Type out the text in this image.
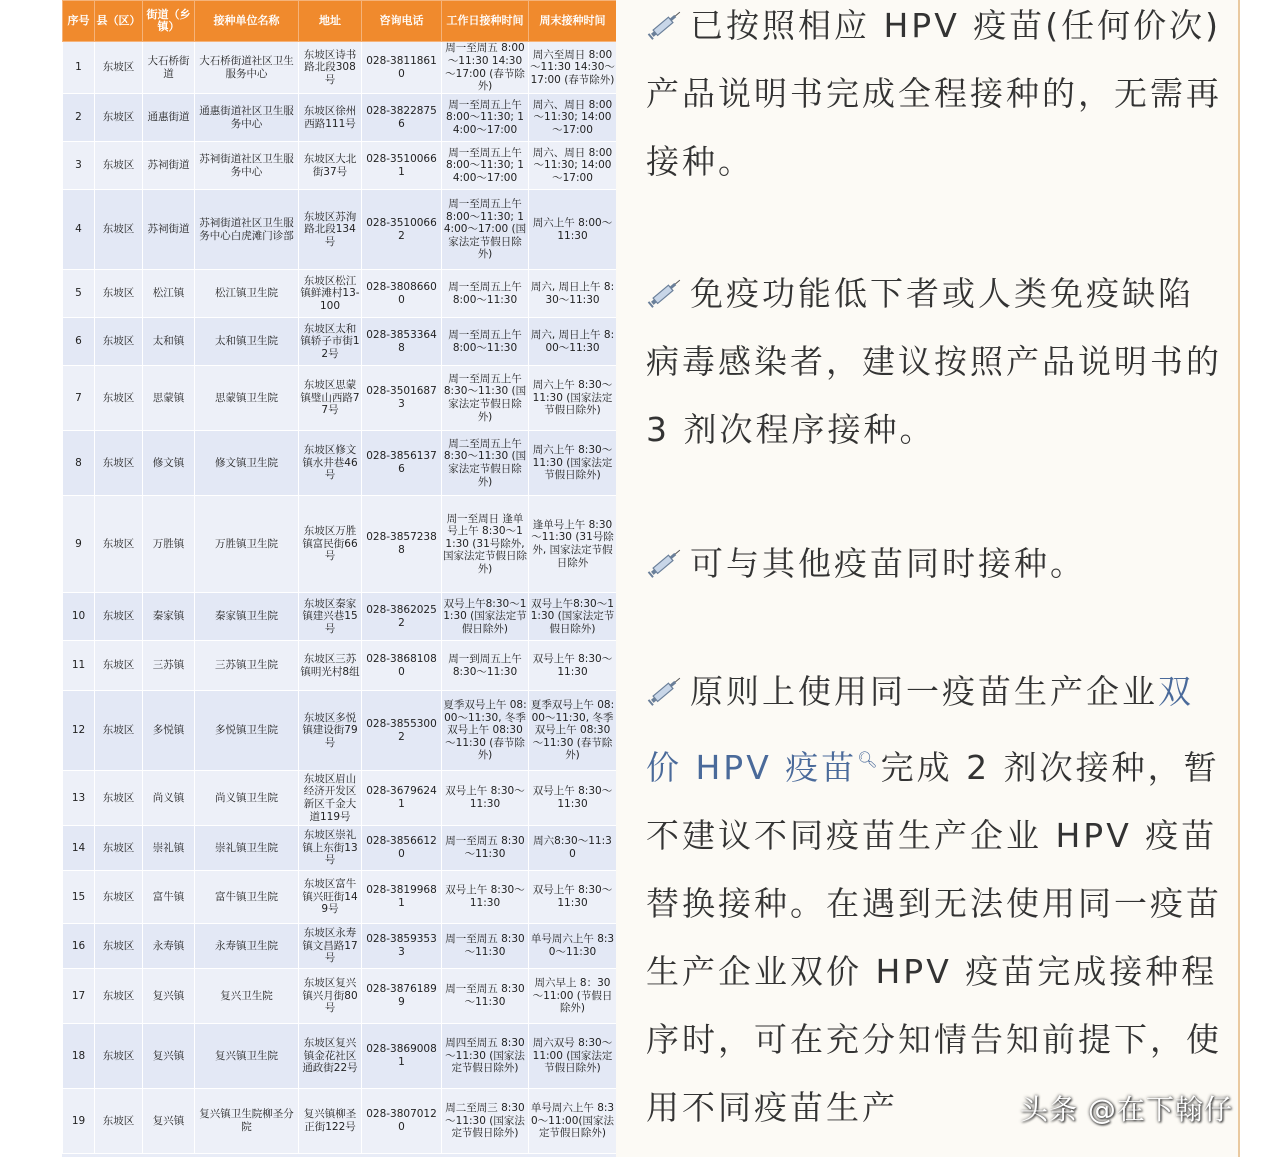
序号	县（区）	街道（乡镇）	接种单位名称	地址	咨询电话	工作日接种时间	周末接种时间
1	东坡区	大石桥街道	大石桥街道社区卫生服务中心	东坡区诗书路北段308号	028-38118610	周一至周五 8:00～11:30 14:30～17:00 (春节除外)	周六至周日 8:00～11:30 14:30～17:00 (春节除外)
2	东坡区	通惠街道	通惠街道社区卫生服务中心	东坡区徐州西路111号	028-38228756	周一至周五上午 8:00～11:30; 14:00～17:00	周六、周日 8:00～11:30; 14:00～17:00
3	东坡区	苏祠街道	苏祠街道社区卫生服务中心	东坡区大北街37号	028-35100661	周一至周五上午 8:00～11:30; 14:00～17:00	周六、周日 8:00～11:30; 14:00～17:00
4	东坡区	苏祠街道	苏祠街道社区卫生服务中心白虎滩门诊部	东坡区苏洵路北段134号	028-35100662	周一至周五上午 8:00～11:30; 14:00～17:00 (国家法定节假日除外)	周六上午 8:00～11:30
5	东坡区	松江镇	松江镇卫生院	东坡区松江镇鲜滩村13-100	028-38086600	周一至周五上午 8:00～11:30	周六, 周日上午 8:30～11:30
6	东坡区	太和镇	太和镇卫生院	东坡区太和镇轿子市街12号	028-38533648	周一至周五上午 8:00～11:30	周六, 周日上午 8:00～11:30
7	东坡区	思蒙镇	思蒙镇卫生院	东坡区思蒙镇璧山西路77号	028-35016873	周一至周五上午 8:30～11:30 (国家法定节假日除外)	周六上午 8:30～11:30 (国家法定节假日除外)
8	东坡区	修文镇	修文镇卫生院	东坡区修文镇水井巷46号	028-38561376	周二至周五上午 8:30～11:30 (国家法定节假日除外)	周六上午 8:30～11:30 (国家法定节假日除外)
9	东坡区	万胜镇	万胜镇卫生院	东坡区万胜镇富民街66号	028-38572388	周一至周日 逢单号上午 8:30～11:30 (31号除外, 国家法定节假日除外)	逢单号上午 8:30～11:30 (31号除外, 国家法定节假日除外
10	东坡区	秦家镇	秦家镇卫生院	东坡区秦家镇建兴巷15号	028-38620252	双号上午8:30～11:30 (国家法定节假日除外)	双号上午8:30～11:30 (国家法定节假日除外)
11	东坡区	三苏镇	三苏镇卫生院	东坡区三苏镇明光村8组	028-38681080	周一到周五上午 8:30～11:30	双号上午 8:30～11:30
12	东坡区	多悦镇	多悦镇卫生院	东坡区多悦镇建设街79号	028-38553002	夏季双号上午 08:00～11:30, 冬季双号上午 08:30～11:30 (春节除外)	夏季双号上午 08:00～11:30, 冬季双号上午 08:30～11:30 (春节除外)
13	东坡区	尚义镇	尚义镇卫生院	东坡区眉山经济开发区新区千金大道119号	028-36796241	双号上午 8:30～11:30	双号上午 8:30～11:30
14	东坡区	崇礼镇	崇礼镇卫生院	东坡区崇礼镇上东街13号	028-38566120	周一至周五 8:30～11:30	周六8:30～11:30
15	东坡区	富牛镇	富牛镇卫生院	东坡区富牛镇兴旺街149号	028-38199681	双号上午 8:30～11:30	双号上午 8:30～11:30
16	东坡区	永寿镇	永寿镇卫生院	东坡区永寿镇文昌路17号	028-38593533	周一至周五 8:30～11:30	单号周六上午 8:30～11:30
17	东坡区	复兴镇	复兴卫生院	东坡区复兴镇兴月街80号	028-38761899	周一至周五 8:30～11:30	周六早上 8：30～11:00 (节假日除外)
18	东坡区	复兴镇	复兴镇卫生院	东坡区复兴镇金花社区通政街22号	028-38690081	周四至周五 8:30～11:30 (国家法定节假日除外)	周六双号 8:30～11:00 (国家法定节假日除外)
19	东坡区	复兴镇	复兴镇卫生院柳圣分院	复兴镇柳圣正街122号	028-38070120	周二至周三 8:30～11:30 (国家法定节假日除外)	单号周六上午 8:30～11:00(国家法定节假日除外)
已按照相应 HPV 疫苗(任何价次)产品说明书完成全程接种的，无需再接种。
免疫功能低下者或人类免疫缺陷病毒感染者，建议按照产品说明书的 3 剂次程序接种。
可与其他疫苗同时接种。
原则上使用同一疫苗生产企业双价 HPV 疫苗🔍︎完成 2 剂次接种，暂不建议不同疫苗生产企业 HPV 疫苗替换接种。在遇到无法使用同一疫苗生产企业双价 HPV 疫苗完成接种程序时，可在充分知情告知前提下，使用不同疫苗生产	头条 @在下翰仔
